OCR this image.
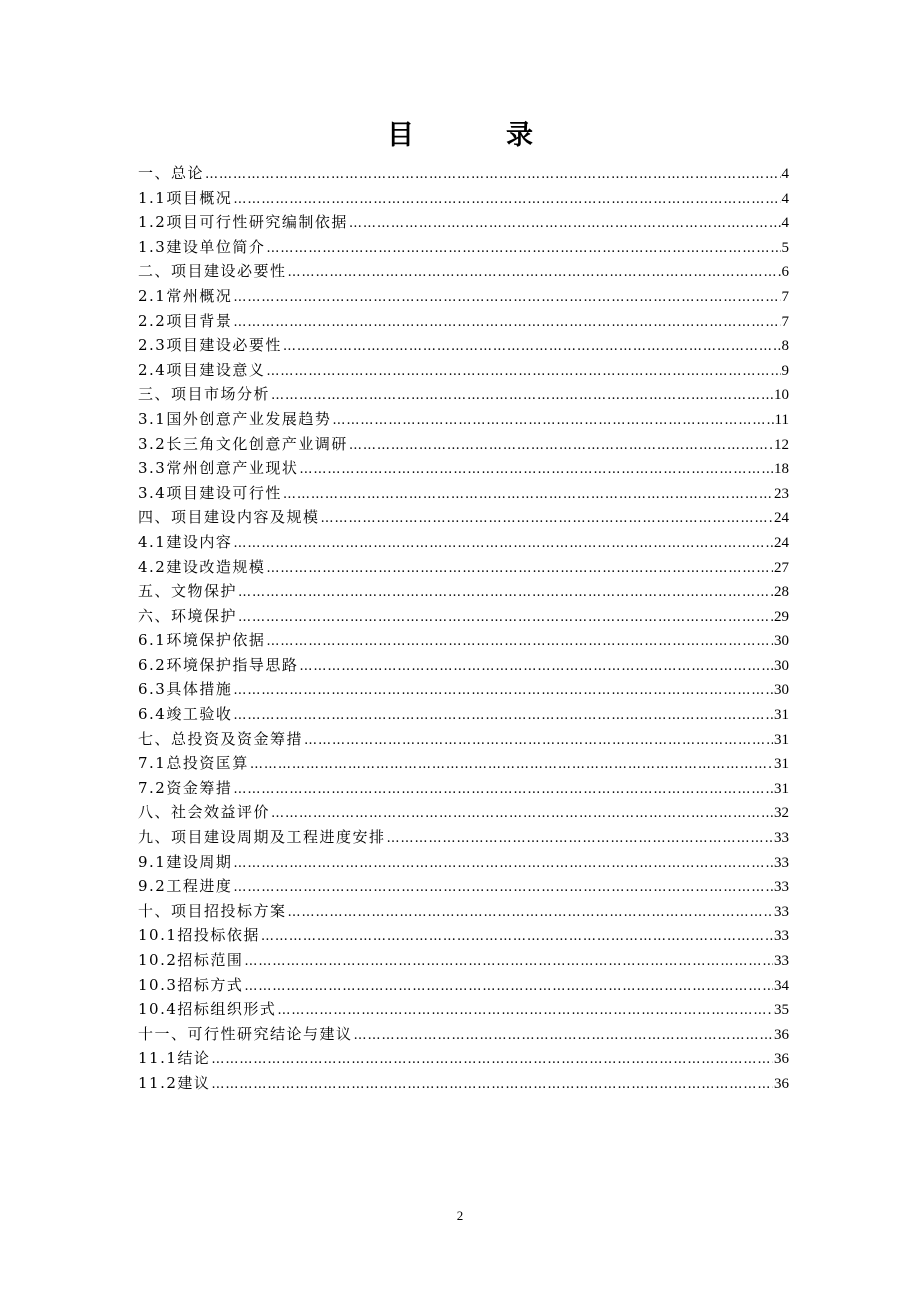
目录
一、总论 ……………………………………………………………………………………………………………………………………………………………………………………………………………………	4
1.1项目概况 ……………………………………………………………………………………………………………………………………………………………………………………………………………………	4
1.2项目可行性研究编制依据 ……………………………………………………………………………………………………………………………………………………………………………………………………………………	4
1.3建设单位简介 ……………………………………………………………………………………………………………………………………………………………………………………………………………………	5
二、项目建设必要性 ……………………………………………………………………………………………………………………………………………………………………………………………………………………	6
2.1常州概况 ……………………………………………………………………………………………………………………………………………………………………………………………………………………	7
2.2项目背景 ……………………………………………………………………………………………………………………………………………………………………………………………………………………	7
2.3项目建设必要性 ……………………………………………………………………………………………………………………………………………………………………………………………………………………	8
2.4项目建设意义 ……………………………………………………………………………………………………………………………………………………………………………………………………………………	9
三、项目市场分析 ……………………………………………………………………………………………………………………………………………………………………………………………………………………	10
3.1国外创意产业发展趋势 ……………………………………………………………………………………………………………………………………………………………………………………………………………………	11
3.2长三角文化创意产业调研 ……………………………………………………………………………………………………………………………………………………………………………………………………………………	12
3.3常州创意产业现状 ……………………………………………………………………………………………………………………………………………………………………………………………………………………	18
3.4项目建设可行性 ……………………………………………………………………………………………………………………………………………………………………………………………………………………	23
四、项目建设内容及规模 ……………………………………………………………………………………………………………………………………………………………………………………………………………………	24
4.1建设内容 ……………………………………………………………………………………………………………………………………………………………………………………………………………………	24
4.2建设改造规模 ……………………………………………………………………………………………………………………………………………………………………………………………………………………	27
五、文物保护 ……………………………………………………………………………………………………………………………………………………………………………………………………………………	28
六、环境保护 ……………………………………………………………………………………………………………………………………………………………………………………………………………………	29
6.1环境保护依据 ……………………………………………………………………………………………………………………………………………………………………………………………………………………	30
6.2环境保护指导思路 ……………………………………………………………………………………………………………………………………………………………………………………………………………………	30
6.3具体措施 ……………………………………………………………………………………………………………………………………………………………………………………………………………………	30
6.4竣工验收 ……………………………………………………………………………………………………………………………………………………………………………………………………………………	31
七、总投资及资金筹措 ……………………………………………………………………………………………………………………………………………………………………………………………………………………	31
7.1总投资匡算 ……………………………………………………………………………………………………………………………………………………………………………………………………………………	31
7.2资金筹措 ……………………………………………………………………………………………………………………………………………………………………………………………………………………	31
八、社会效益评价 ……………………………………………………………………………………………………………………………………………………………………………………………………………………	32
九、项目建设周期及工程进度安排 ……………………………………………………………………………………………………………………………………………………………………………………………………………………	33
9.1建设周期 ……………………………………………………………………………………………………………………………………………………………………………………………………………………	33
9.2工程进度 ……………………………………………………………………………………………………………………………………………………………………………………………………………………	33
十、项目招投标方案 ……………………………………………………………………………………………………………………………………………………………………………………………………………………	33
10.1招投标依据 ……………………………………………………………………………………………………………………………………………………………………………………………………………………	33
10.2招标范围 ……………………………………………………………………………………………………………………………………………………………………………………………………………………	33
10.3招标方式 ……………………………………………………………………………………………………………………………………………………………………………………………………………………	34
10.4招标组织形式 ……………………………………………………………………………………………………………………………………………………………………………………………………………………	35
十一、可行性研究结论与建议 ……………………………………………………………………………………………………………………………………………………………………………………………………………………	36
11.1结论 ……………………………………………………………………………………………………………………………………………………………………………………………………………………	36
11.2建议 ……………………………………………………………………………………………………………………………………………………………………………………………………………………	36
2
